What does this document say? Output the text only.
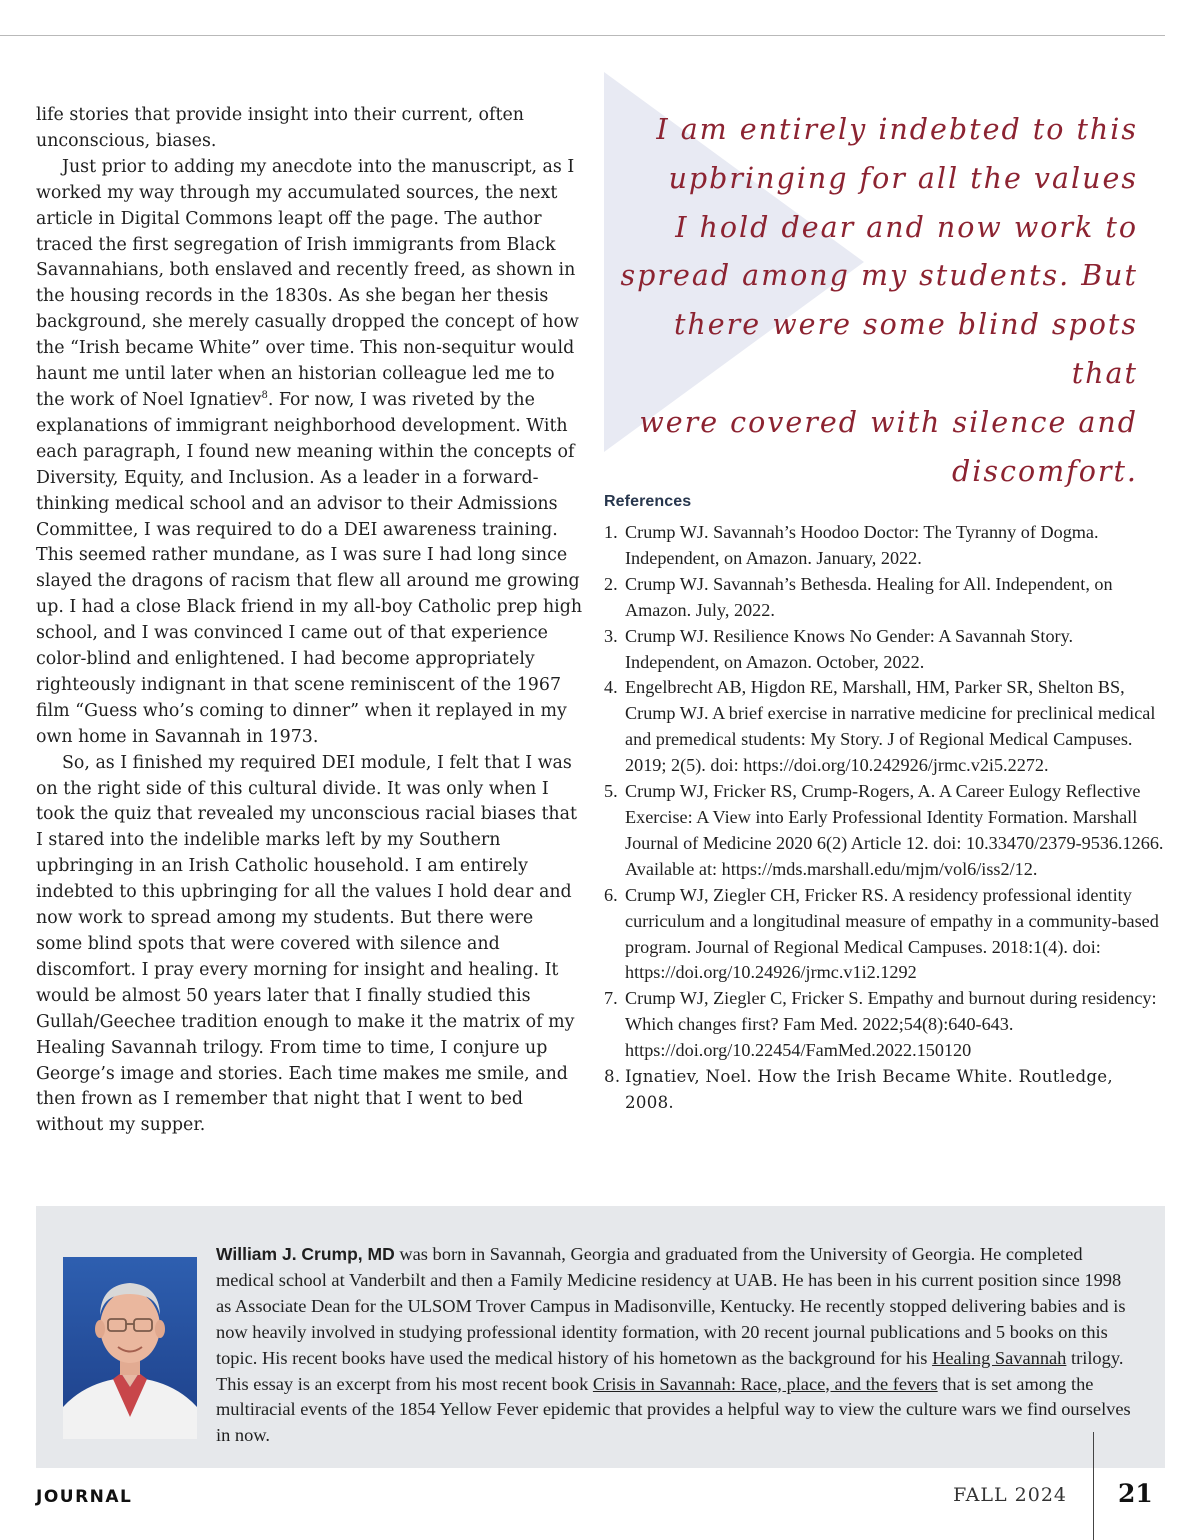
life stories that provide insight into their current, often unconscious, biases.

Just prior to adding my anecdote into the manuscript, as I worked my way through my accumulated sources, the next article in Digital Commons leapt off the page. The author traced the first segregation of Irish immigrants from Black Savannahians, both enslaved and recently freed, as shown in the housing records in the 1830s. As she began her thesis background, she merely casually dropped the concept of how the “Irish became White” over time. This non-sequitur would haunt me until later when an historian colleague led me to the work of Noel Ignatiev$^8$. For now, I was riveted by the explanations of immigrant neighborhood development. With each paragraph, I found new meaning within the concepts of Diversity, Equity, and Inclusion. As a leader in a forward-thinking medical school and an advisor to their Admissions Committee, I was required to do a DEI awareness training. This seemed rather mundane, as I was sure I had long since slayed the dragons of racism that flew all around me growing up. I had a close Black friend in my all-boy Catholic prep high school, and I was convinced I came out of that experience color-blind and enlightened. I had become appropriately righteously indignant in that scene reminiscent of the 1967 film “Guess who’s coming to dinner” when it replayed in my own home in Savannah in 1973.

So, as I finished my required DEI module, I felt that I was on the right side of this cultural divide. It was only when I took the quiz that revealed my unconscious racial biases that I stared into the indelible marks left by my Southern upbringing in an Irish Catholic household. I am entirely indebted to this upbringing for all the values I hold dear and now work to spread among my students. But there were some blind spots that were covered with silence and discomfort. I pray every morning for insight and healing. It would be almost 50 years later that I finally studied this Gullah/Geechee tradition enough to make it the matrix of my Healing Savannah trilogy. From time to time, I conjure up George’s image and stories. Each time makes me smile, and then frown as I remember that night that I went to bed without my supper.

I am entirely indebted to this
upbringing for all the values
I hold dear and now work to
spread among my students. But
there were some blind spots that
were covered with silence and
discomfort.
References
1. Crump WJ. Savannah’s Hoodoo Doctor: The Tyranny of Dogma. Independent, on Amazon. January, 2022.
2. Crump WJ. Savannah’s Bethesda. Healing for All. Independent, on Amazon. July, 2022.
3. Crump WJ. Resilience Knows No Gender: A Savannah Story. Independent, on Amazon. October, 2022.
4. Engelbrecht AB, Higdon RE, Marshall, HM, Parker SR, Shelton BS, Crump WJ. A brief exercise in narrative medicine for preclinical medical and premedical students: My Story. J of Regional Medical Campuses. 2019; 2(5). doi: https://doi.org/10.242926/jrmc.v2i5.2272.
5. Crump WJ, Fricker RS, Crump-Rogers, A. A Career Eulogy Reflective Exercise: A View into Early Professional Identity Formation. Marshall Journal of Medicine 2020 6(2) Article 12. doi: 10.33470/2379-9536.1266. Available at: https://mds.marshall.edu/mjm/vol6/iss2/12.
6. Crump WJ, Ziegler CH, Fricker RS. A residency professional identity curriculum and a longitudinal measure of empathy in a community-based program. Journal of Regional Medical Campuses. 2018:1(4). doi: https://doi.org/10.24926/jrmc.v1i2.1292
7. Crump WJ, Ziegler C, Fricker S. Empathy and burnout during residency: Which changes first? Fam Med. 2022;54(8):640-643. https://doi.org/10.22454/FamMed.2022.150120
8. Ignatiev, Noel. How the Irish Became White. Routledge, 2008.
William J. Crump, MD was born in Savannah, Georgia and graduated from the University of Georgia. He completed medical school at Vanderbilt and then a Family Medicine residency at UAB. He has been in his current position since 1998 as Associate Dean for the ULSOM Trover Campus in Madisonville, Kentucky. He recently stopped delivering babies and is now heavily involved in studying professional identity formation, with 20 recent journal publications and 5 books on this topic. His recent books have used the medical history of his hometown as the background for his Healing Savannah trilogy. This essay is an excerpt from his most recent book Crisis in Savannah: Race, place, and the fevers that is set among the multiracial events of the 1854 Yellow Fever epidemic that provides a helpful way to view the culture wars we find ourselves in now.
JOURNAL	FALL 2024 21
